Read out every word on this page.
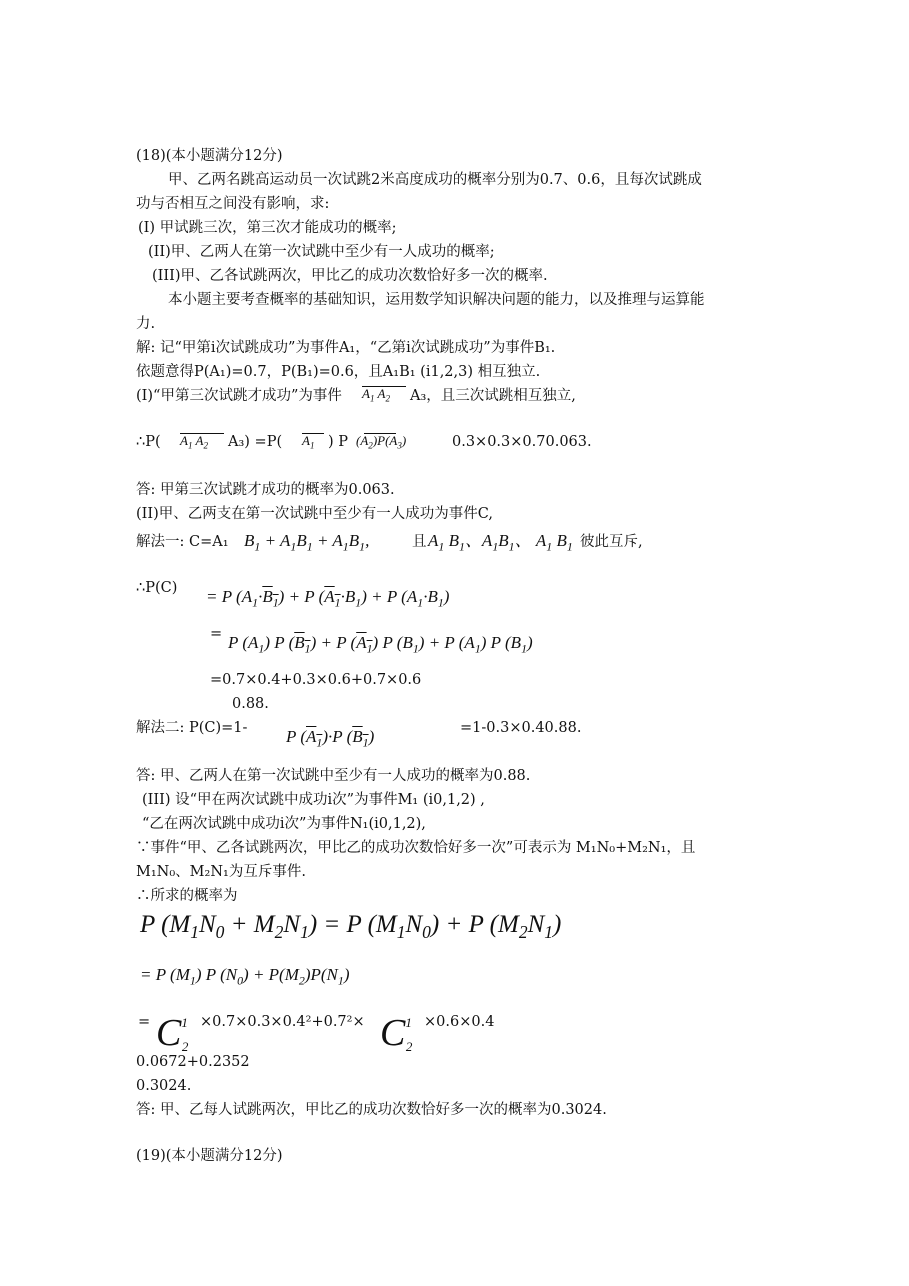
(18)(本小题满分12分)
甲、乙两名跳高运动员一次试跳2米高度成功的概率分别为0.7、0.6，且每次试跳成
功与否相互之间没有影响，求:
(I) 甲试跳三次，第三次才能成功的概率;
(II)甲、乙两人在第一次试跳中至少有一人成功的概率;
(III)甲、乙各试跳两次，甲比乙的成功次数恰好多一次的概率.
本小题主要考查概率的基础知识，运用数学知识解决问题的能力，以及推理与运算能
力.
解: 记“甲第i次试跳成功”为事件A₁，“乙第i次试跳成功”为事件B₁.
依题意得P(A₁)=0.7，P(B₁)=0.6，且A₁B₁ (i1,2,3) 相互独立.
(I)“甲第三次试跳才成功”为事件 $A_1$ $A_2$	A₃，且三次试跳相互独立,
∴P( $A_1$ $A_2$	A₃) =P( $A_1$ ) P $(A_2)P(A_3)$	0.3×0.3×0.70.063.
答: 甲第三次试跳才成功的概率为0.063.
(II)甲、乙两支在第一次试跳中至少有一人成功为事件C,
解法一: C=A₁ $B_1 + A_1B_1 + A_1B_1$,	且 $A_1$ $B_1$、$A_1B_1$、 $A_1$ $B_1$ 彼此互斥,
∴P(C) = P $(A_1\cdot B_1) + P$ $(A_1\cdot B_1) + P$ $(A_1\cdot B_1)$
= P $(A_1)$ P $(B_1) + P$ $(A_1)$ P $(B_1) + P$ $(A_1)$ P $(B_1)$
=0.7×0.4+0.3×0.6+0.7×0.6
0.88.
解法二: P(C)=1- P $(A_1)\cdot P$ $(B_1)$	=1-0.3×0.40.88.
答: 甲、乙两人在第一次试跳中至少有一人成功的概率为0.88.
(III) 设“甲在两次试跳中成功i次”为事件M₁ (i0,1,2) ,
“乙在两次试跳中成功i次”为事件N₁(i0,1,2),
∵事件“甲、乙各试跳两次，甲比乙的成功次数恰好多一次”可表示为 M₁N₀+M₂N₁，且
M₁N₀、M₂N₁为互斥事件.
∴所求的概率为
P $(M_1N_0 + M_2N_1) = P$ $(M_1N_0) + P$ $(M_2N_1)$
= P $(M_1)$ P $(N_0) + P(M_2)P(N_1)$
= $C^12$
$\times 0.7\times 0.3\times 0.4^2+0.7^2\times C^12$
×0.6×0.4
0.0672+0.2352
0.3024.
答: 甲、乙每人试跳两次，甲比乙的成功次数恰好多一次的概率为0.3024.
(19)(本小题满分12分)
